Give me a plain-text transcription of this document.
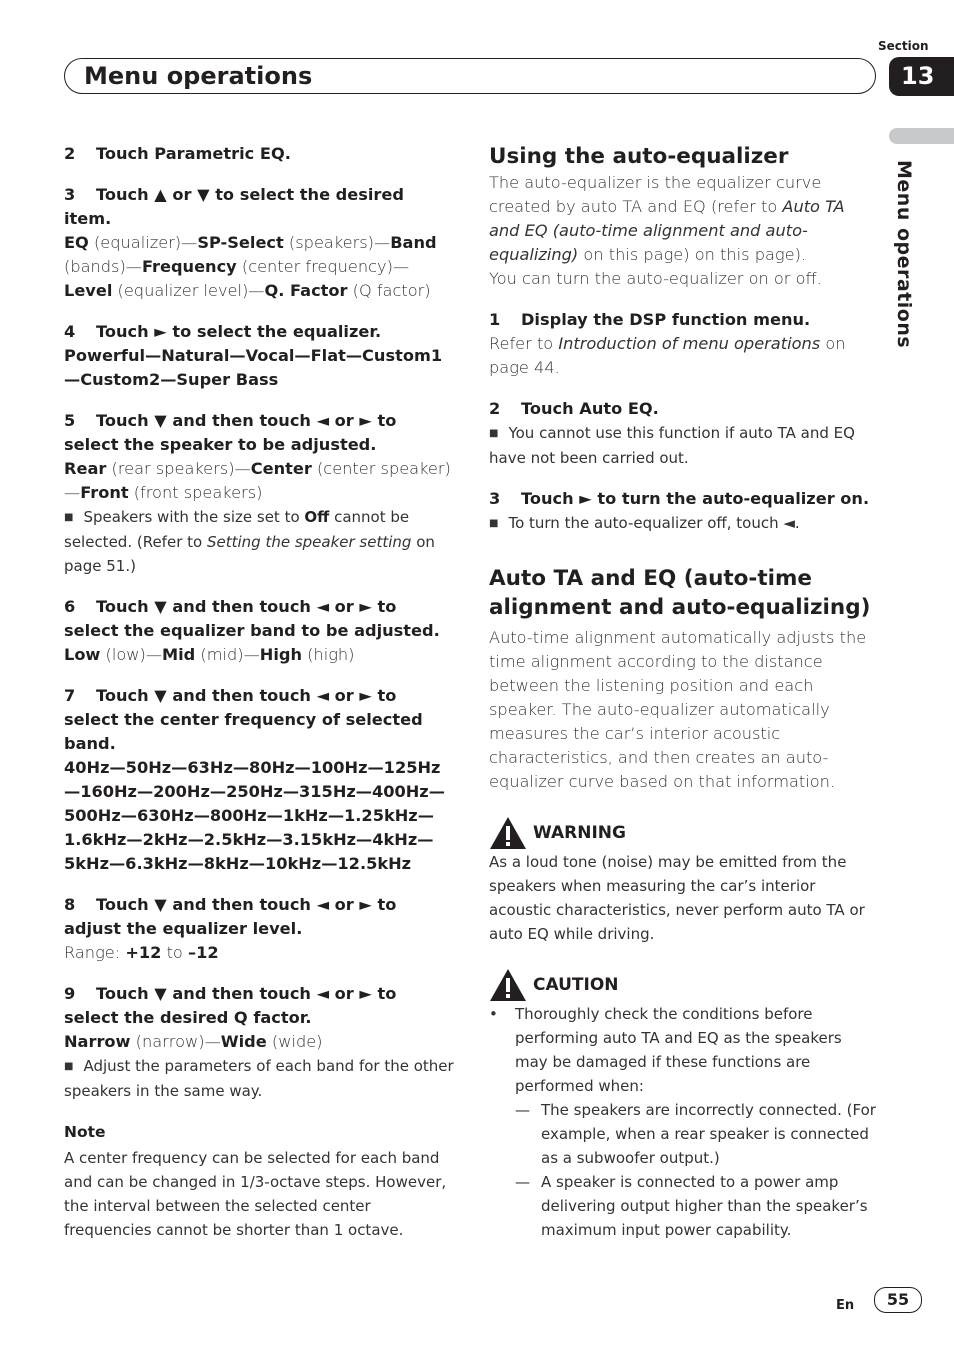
Section
Menu operations	13
Menu operations
2 Touch Parametric EQ.
3 Touch ▲ or ▼ to select the desired item.

EQ (equalizer)—SP-Select (speakers)—Band (bands)—Frequency (center frequency)—Level (equalizer level)—Q. Factor (Q factor)

4 Touch ► to select the equalizer.

Powerful—Natural—Vocal—Flat—Custom1—Custom2—Super Bass

5 Touch ▼ and then touch ◄ or ► to select the speaker to be adjusted.

Rear (rear speakers)—Center (center speaker)—Front (front speakers)

■ Speakers with the size set to Off cannot be selected. (Refer to Setting the speaker setting on page 51.)

6 Touch ▼ and then touch ◄ or ► to select the equalizer band to be adjusted.

Low (low)—Mid (mid)—High (high)

7 Touch ▼ and then touch ◄ or ► to select the center frequency of selected band.

40Hz—50Hz—63Hz—80Hz—100Hz—125Hz—160Hz—200Hz—250Hz—315Hz—400Hz—500Hz—630Hz—800Hz—1kHz—1.25kHz—1.6kHz—2kHz—2.5kHz—3.15kHz—4kHz—5kHz—6.3kHz—8kHz—10kHz—12.5kHz

8 Touch ▼ and then touch ◄ or ► to adjust the equalizer level.

Range: +12 to –12

9 Touch ▼ and then touch ◄ or ► to select the desired Q factor.

Narrow (narrow)—Wide (wide)

■ Adjust the parameters of each band for the other speakers in the same way.

Note

A center frequency can be selected for each band and can be changed in 1/3-octave steps. However, the interval between the selected center frequencies cannot be shorter than 1 octave.

Using the auto-equalizer

The auto-equalizer is the equalizer curve created by auto TA and EQ (refer to Auto TA and EQ (auto-time alignment and auto-equalizing) on this page) on this page).

You can turn the auto-equalizer on or off.

1 Display the DSP function menu.

Refer to Introduction of menu operations on page 44.

2 Touch Auto EQ.

■ You cannot use this function if auto TA and EQ have not been carried out.

3 Touch ► to turn the auto-equalizer on.

■ To turn the auto-equalizer off, touch ◄.

Auto TA and EQ (auto-time alignment and auto-equalizing)

Auto-time alignment automatically adjusts the time alignment according to the distance between the listening position and each speaker. The auto-equalizer automatically measures the car’s interior acoustic characteristics, and then creates an auto-equalizer curve based on that information.

WARNING

As a loud tone (noise) may be emitted from the speakers when measuring the car’s interior acoustic characteristics, never perform auto TA or auto EQ while driving.

CAUTION
•	Thoroughly check the conditions before performing auto TA and EQ as the speakers may be damaged if these functions are performed when:
— The speakers are incorrectly connected. (For example, when a rear speaker is connected as a subwoofer output.)
— A speaker is connected to a power amp delivering output higher than the speaker’s maximum input power capability.
En	55
